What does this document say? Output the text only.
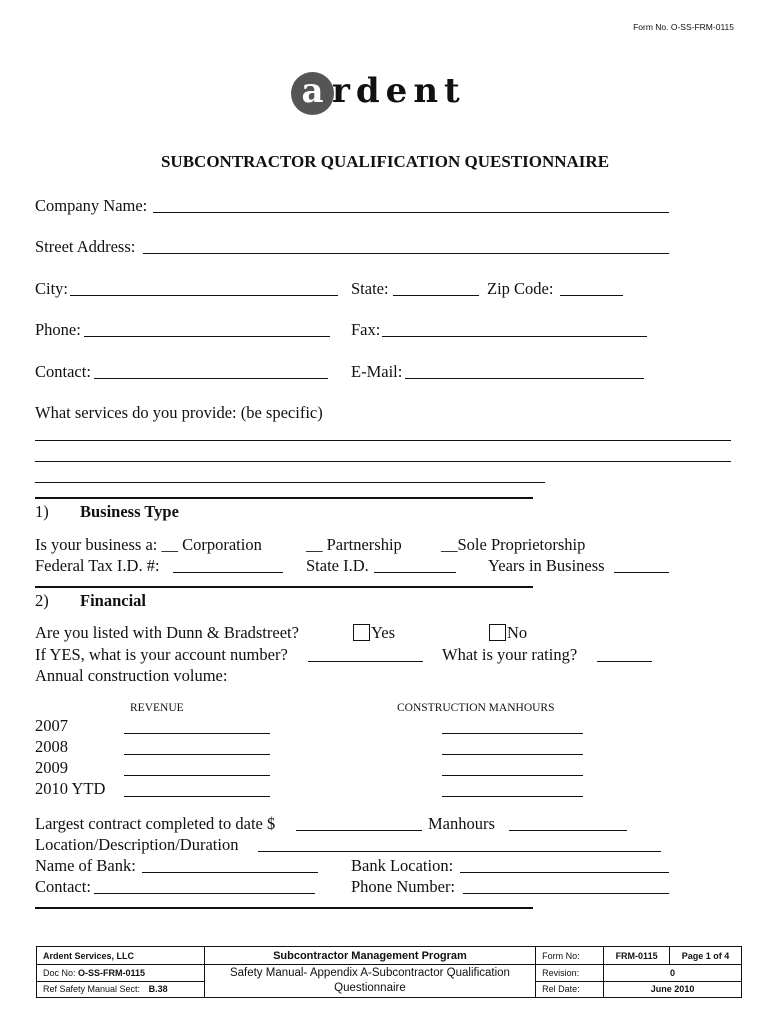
Form No. O-SS-FRM-0115
a rdent
SUBCONTRACTOR QUALIFICATION QUESTIONNAIRE
Company Name:
Street Address:
City:	State:	Zip Code:
Phone:	Fax:
Contact:	E-Mail:
What services do you provide: (be specific)
1) Business Type
Is your business a: __ Corporation	__ Partnership __Sole Proprietorship
Federal Tax I.D. #:	State I.D.	Years in Business
2) Financial
Are you listed with Dunn & Bradstreet?	Yes	No
If YES, what is your account number?	What is your rating?
Annual construction volume:
REVENUE	CONSTRUCTION MANHOURS
2007
2008
2009
2010 YTD
Largest contract completed to date $	Manhours
Location/Description/Duration
Name of Bank:	Bank Location:
Contact:	Phone Number:
Ardent Services, LLC	Subcontractor Management Program	Form No:	FRM-0115	Page 1 of 4
Doc No: O-SS-FRM-0115	Safety Manual- Appendix A-Subcontractor Qualification Questionnaire	Revision:	0	
Ref Safety Manual Sect: B.38		Rel Date:	June 2010	
